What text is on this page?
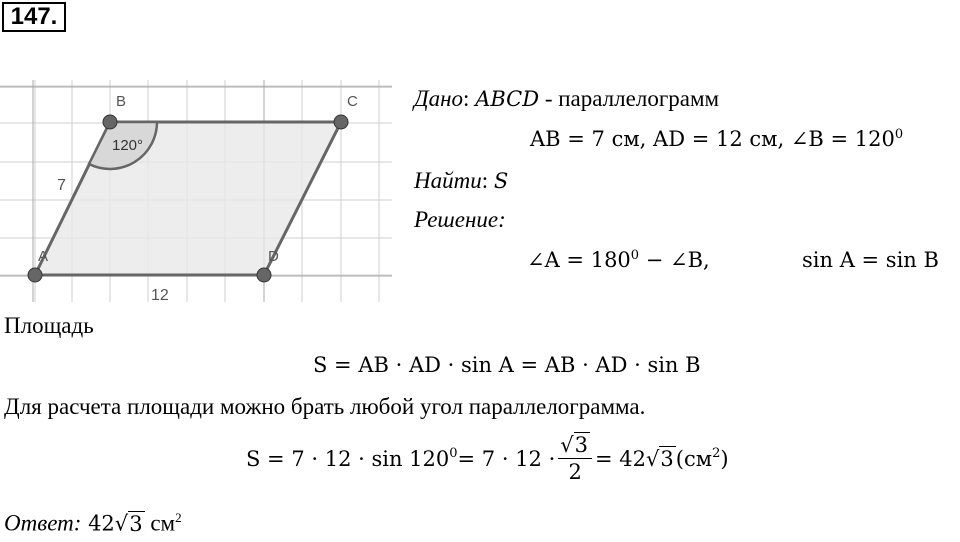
147.
A
B	C
D
120°
7
12
Дано: ABCD - параллелограмм
AB = 7 см, AD = 12 см, ∠B = $120^0$
Найти: S
Решение:
∠A = $180^0$ − ∠B,	sin A = sin B
Площадь
S = AB · AD · sin A = AB · AD · sin B
Для расчета площади можно брать любой угол параллелограмма.
$S = 7 \cdot 12 \cdot \sin 120^0 = 7 \cdot 12 \cdot \frac{√3}{2} = 42$ √ 3 ($см^2$ )
Ответ: 42√3 $см^2$
